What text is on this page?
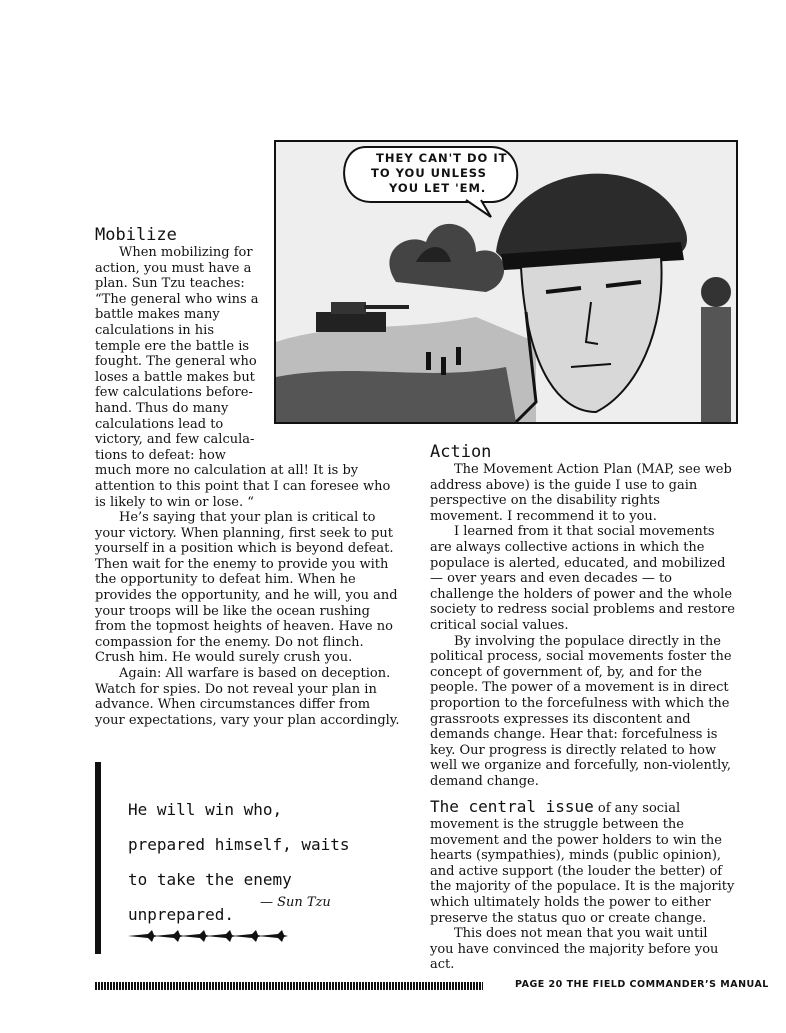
THEY CAN'T DO IT
TO YOU UNLESS
YOU LET 'EM.
Mobilize
When mobilizing for
action, you must have a
plan. Sun Tzu teaches:
“The general who wins a
battle makes many
calculations in his
temple ere the battle is
fought. The general who
loses a battle makes but
few calculations before-
hand. Thus do many
calculations lead to
victory, and few calcula-
tions to defeat: how

much more no calculation at all! It is by attention to this point that I can foresee who is likely to win or lose. “

He’s saying that your plan is critical to your victory. When planning, first seek to put yourself in a position which is beyond defeat. Then wait for the enemy to provide you with the opportunity to defeat him. When he provides the opportunity, and he will, you and your troops will be like the ocean rushing from the topmost heights of heaven. Have no compassion for the enemy. Do not flinch. Crush him. He would surely crush you.

Again: All warfare is based on deception. Watch for spies. Do not reveal your plan in advance. When circumstances differ from your expectations, vary your plan accordingly.

He will win who, prepared himself, waits to take the enemy unprepared.
— Sun Tzu
Action

The Movement Action Plan (MAP, see web address above) is the guide I use to gain perspective on the disability rights movement. I recommend it to you.

I learned from it that social movements are always collective actions in which the populace is alerted, educated, and mobilized — over years and even decades — to challenge the holders of power and the whole society to redress social problems and restore critical social values.

By involving the populace directly in the political process, social movements foster the concept of government of, by, and for the people. The power of a movement is in direct proportion to the forcefulness with which the grassroots expresses its discontent and demands change. Hear that: forcefulness is key. Our progress is directly related to how well we organize and forcefully, non-violently, demand change.

The central issue of any social movement is the struggle between the movement and the power holders to win the hearts (sympathies), minds (public opinion), and active support (the louder the better) of the majority of the populace. It is the majority which ultimately holds the power to either preserve the status quo or create change.

This does not mean that you wait until you have convinced the majority before you act.

PAGE 20 THE FIELD COMMANDER’S MANUAL
